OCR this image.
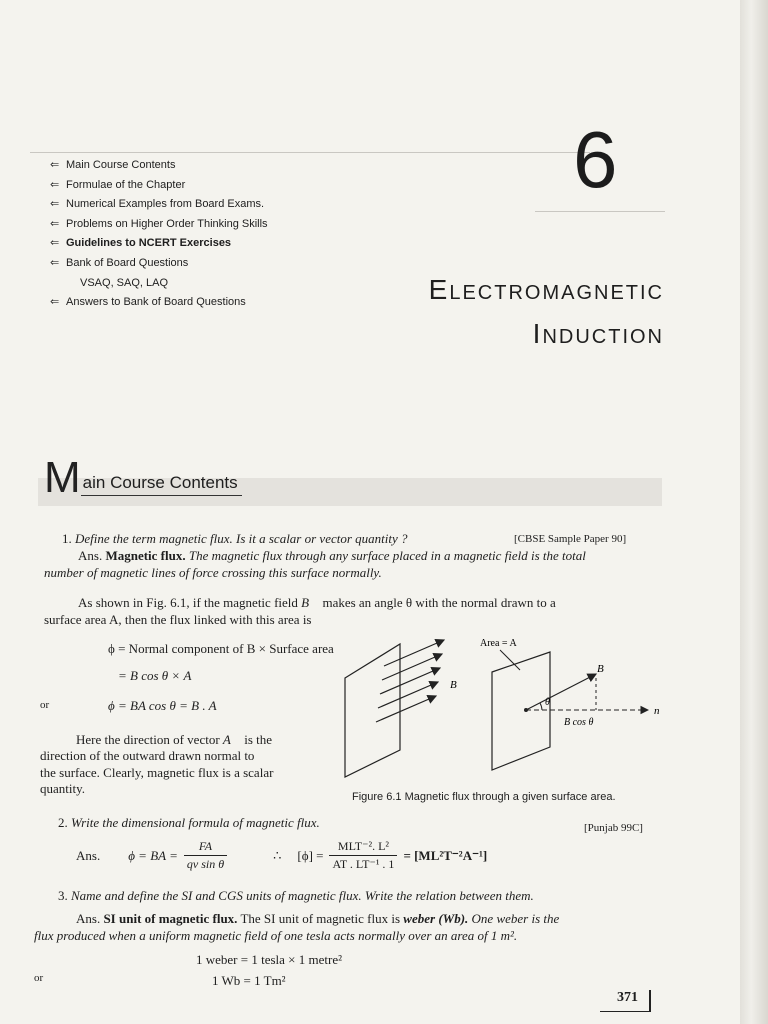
⇐ Main Course Contents
⇐ Formulae of the Chapter
⇐ Numerical Examples from Board Exams.
⇐ Problems on Higher Order Thinking Skills
⇐ Guidelines to NCERT Exercises
⇐ Bank of Board Questions
VSAQ, SAQ, LAQ
⇐ Answers to Bank of Board Questions
6
Electromagnetic
Induction
M ain Course Contents
1. Define the term magnetic flux. Is it a scalar or vector quantity ?	[CBSE Sample Paper 90]
Ans. Magnetic flux. The magnetic flux through any surface placed in a magnetic field is the total
number of magnetic lines of force crossing this surface normally.
As shown in Fig. 6.1, if the magnetic field B⃗ makes an angle θ with the normal drawn to a
surface area A, then the flux linked with this area is
ϕ = Normal component of B × Surface area
= B cos θ × A
or	ϕ = BA cos θ = B . A
Here the direction of vector A⃗ is the
direction of the outward drawn normal to
the surface. Clearly, magnetic flux is a scalar
quantity.
B
Area = A
B
n
θ
B cos θ
Figure 6.1 Magnetic flux through a given surface area.
2. Write the dimensional formula of magnetic flux.	[Punjab 99C]
Ans. ϕ = BA = $\frac{FA}{\text{qv sin θ}}$	∴ $[\phi] = \frac{\text{MLT⁻². L²}}{\text{AT . LT⁻¹ . 1}} = [ML^2T^{-2}A^{-1}]$
3. Name and define the SI and CGS units of magnetic flux. Write the relation between them.
Ans. SI unit of magnetic flux. The SI unit of magnetic flux is weber (Wb). One weber is the
flux produced when a uniform magnetic field of one tesla acts normally over an area of 1 m².
1 weber = 1 tesla × 1 metre²
or	1 Wb = 1 Tm²
371
